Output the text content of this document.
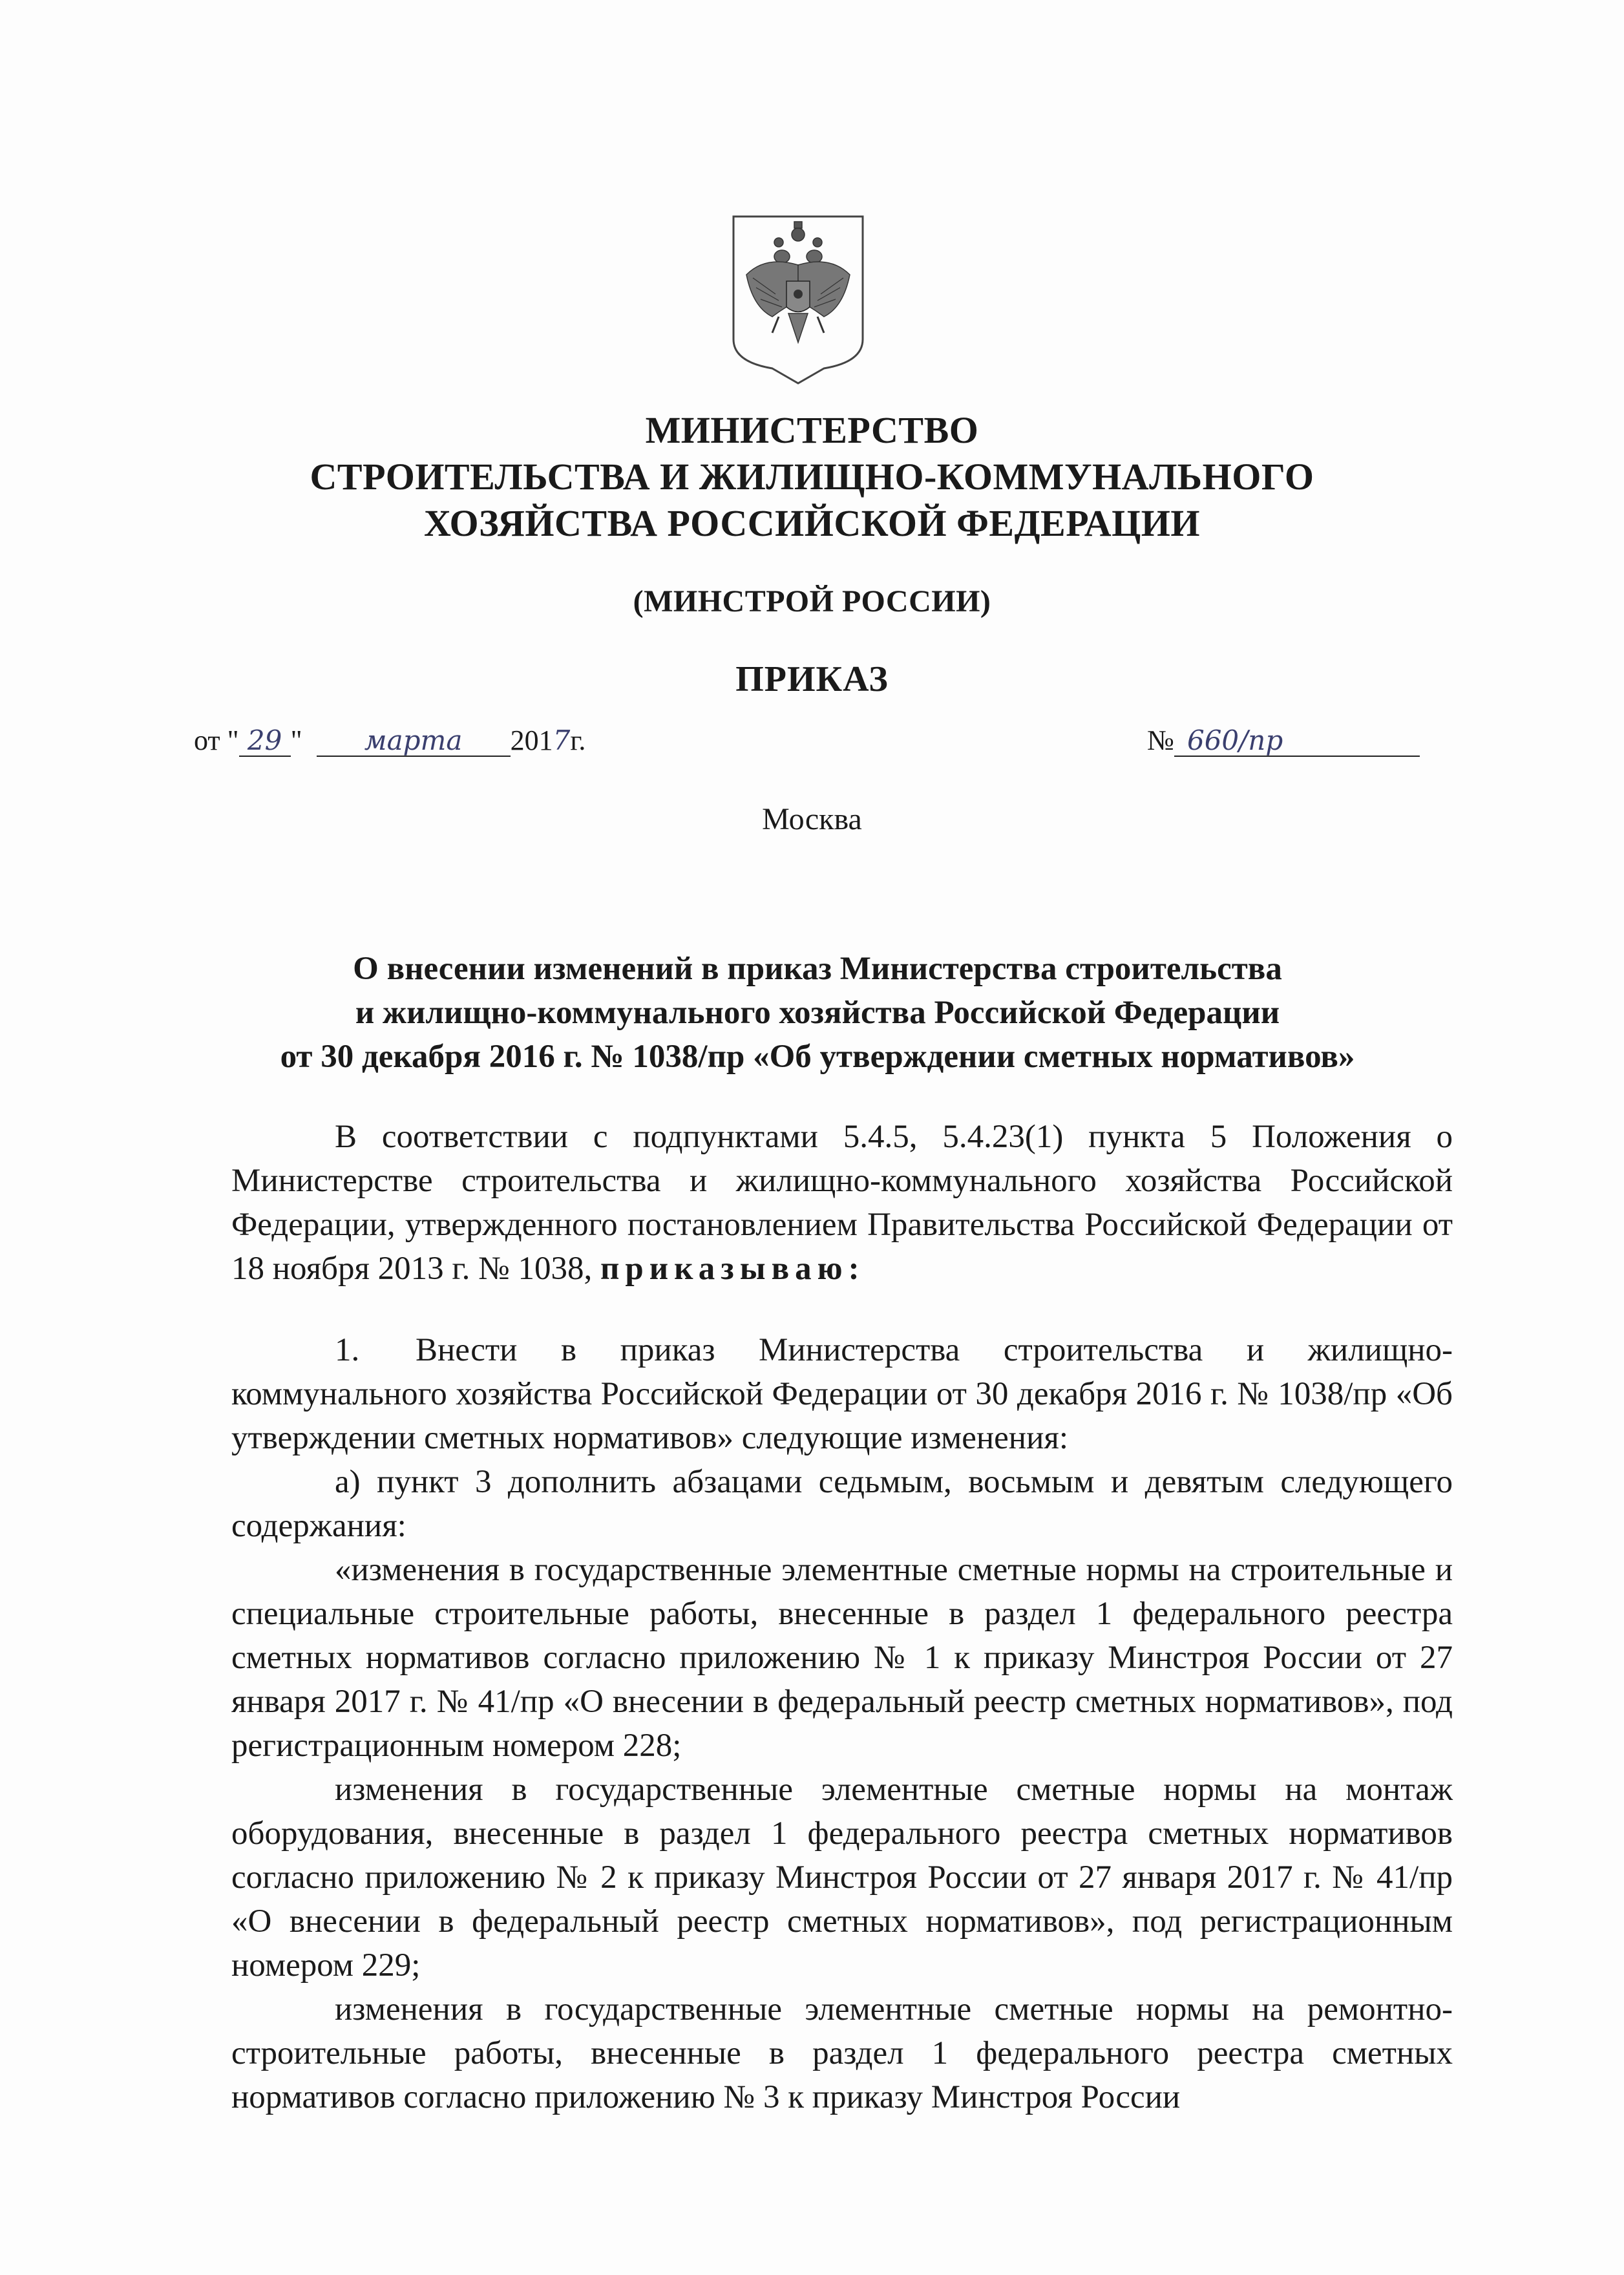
МИНИСТЕРСТВО
СТРОИТЕЛЬСТВА И ЖИЛИЩНО-КОММУНАЛЬНОГО
ХОЗЯЙСТВА РОССИЙСКОЙ ФЕДЕРАЦИИ
(МИНСТРОЙ РОССИИ)
ПРИКАЗ
от " 29 " марта 2017г.	№ 660/пр
Москва
О внесении изменений в приказ Министерства строительства
и жилищно-коммунального хозяйства Российской Федерации
от 30 декабря 2016 г. № 1038/пр «Об утверждении сметных нормативов»

В соответствии с подпунктами 5.4.5, 5.4.23(1) пункта 5 Положения о Министерстве строительства и жилищно-коммунального хозяйства Российской Федерации, утвержденного постановлением Правительства Российской Федерации от 18 ноября 2013 г. № 1038, приказываю:

1. Внести в приказ Министерства строительства и жилищно-коммунального хозяйства Российской Федерации от 30 декабря 2016 г. № 1038/пр «Об утверждении сметных нормативов» следующие изменения:

а) пункт 3 дополнить абзацами седьмым, восьмым и девятым следующего содержания:

«изменения в государственные элементные сметные нормы на строительные и специальные строительные работы, внесенные в раздел 1 федерального реестра сметных нормативов согласно приложению № 1 к приказу Минстроя России от 27 января 2017 г. № 41/пр «О внесении в федеральный реестр сметных нормативов», под регистрационным номером 228;

изменения в государственные элементные сметные нормы на монтаж оборудования, внесенные в раздел 1 федерального реестра сметных нормативов согласно приложению № 2 к приказу Минстроя России от 27 января 2017 г. № 41/пр «О внесении в федеральный реестр сметных нормативов», под регистрационным номером 229;

изменения в государственные элементные сметные нормы на ремонтно-строительные работы, внесенные в раздел 1 федерального реестра сметных нормативов согласно приложению № 3 к приказу Минстроя России
